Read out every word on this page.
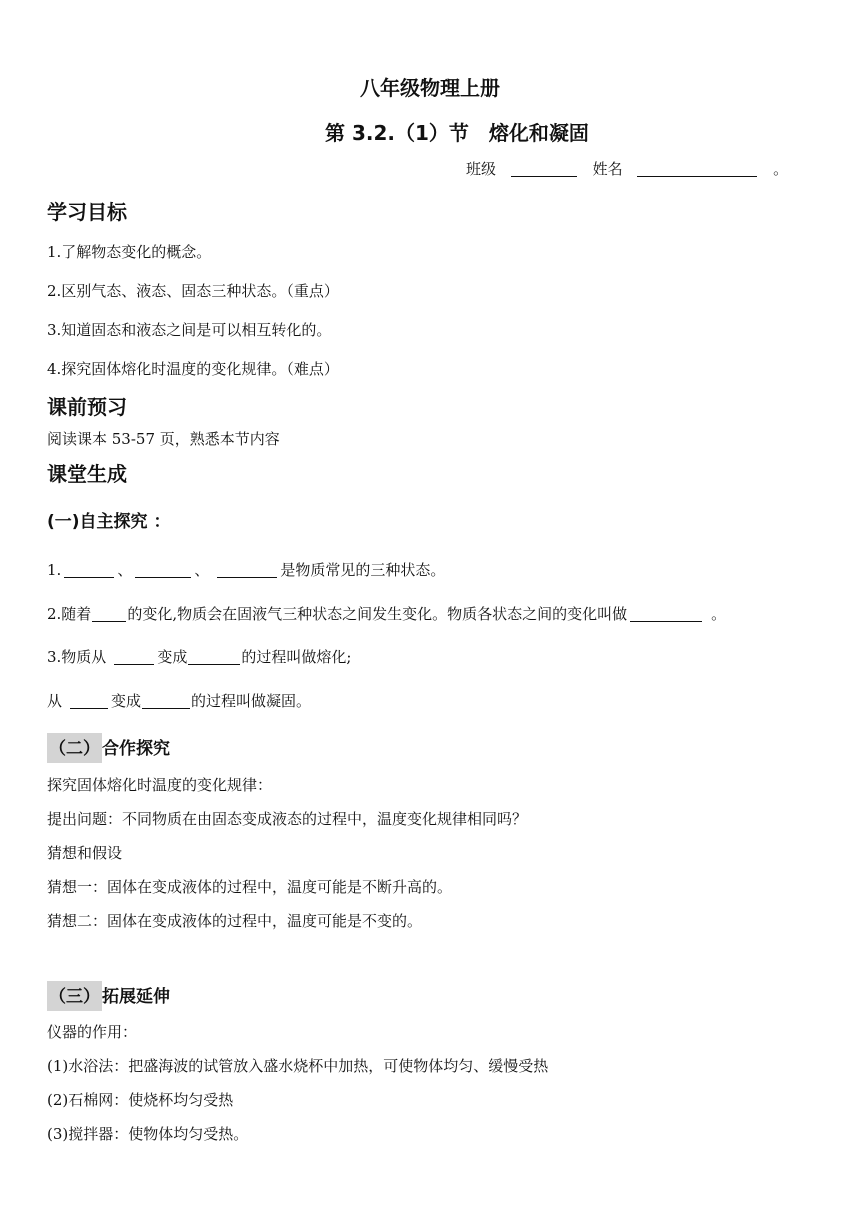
八年级物理上册
第 3.2.（1）节　熔化和凝固
班级	姓名	。
学习目标
1.了解物态变化的概念。
2.区别气态、液态、固态三种状态。（重点）
3.知道固态和液态之间是可以相互转化的。
4.探究固体熔化时温度的变化规律。（难点）
课前预习
阅读课本 53-57 页，熟悉本节内容
课堂生成
(一)自主探究 ：
1.	、	、	是物质常见的三种状态。
2.随着 的变化,物质会在固液气三种状态之间发生变化。物质各状态之间的变化叫做	。
3.物质从	变成	的过程叫做熔化;
从	变成	的过程叫做凝固。
（二） 合作探究
探究固体熔化时温度的变化规律：
提出问题：不同物质在由固态变成液态的过程中，温度变化规律相同吗？
猜想和假设
猜想一：固体在变成液体的过程中，温度可能是不断升高的。
猜想二：固体在变成液体的过程中，温度可能是不变的。
（三） 拓展延伸
仪器的作用：
(1)水浴法：把盛海波的试管放入盛水烧杯中加热，可使物体均匀、缓慢受热
(2)石棉网：使烧杯均匀受热
(3)搅拌器：使物体均匀受热。
